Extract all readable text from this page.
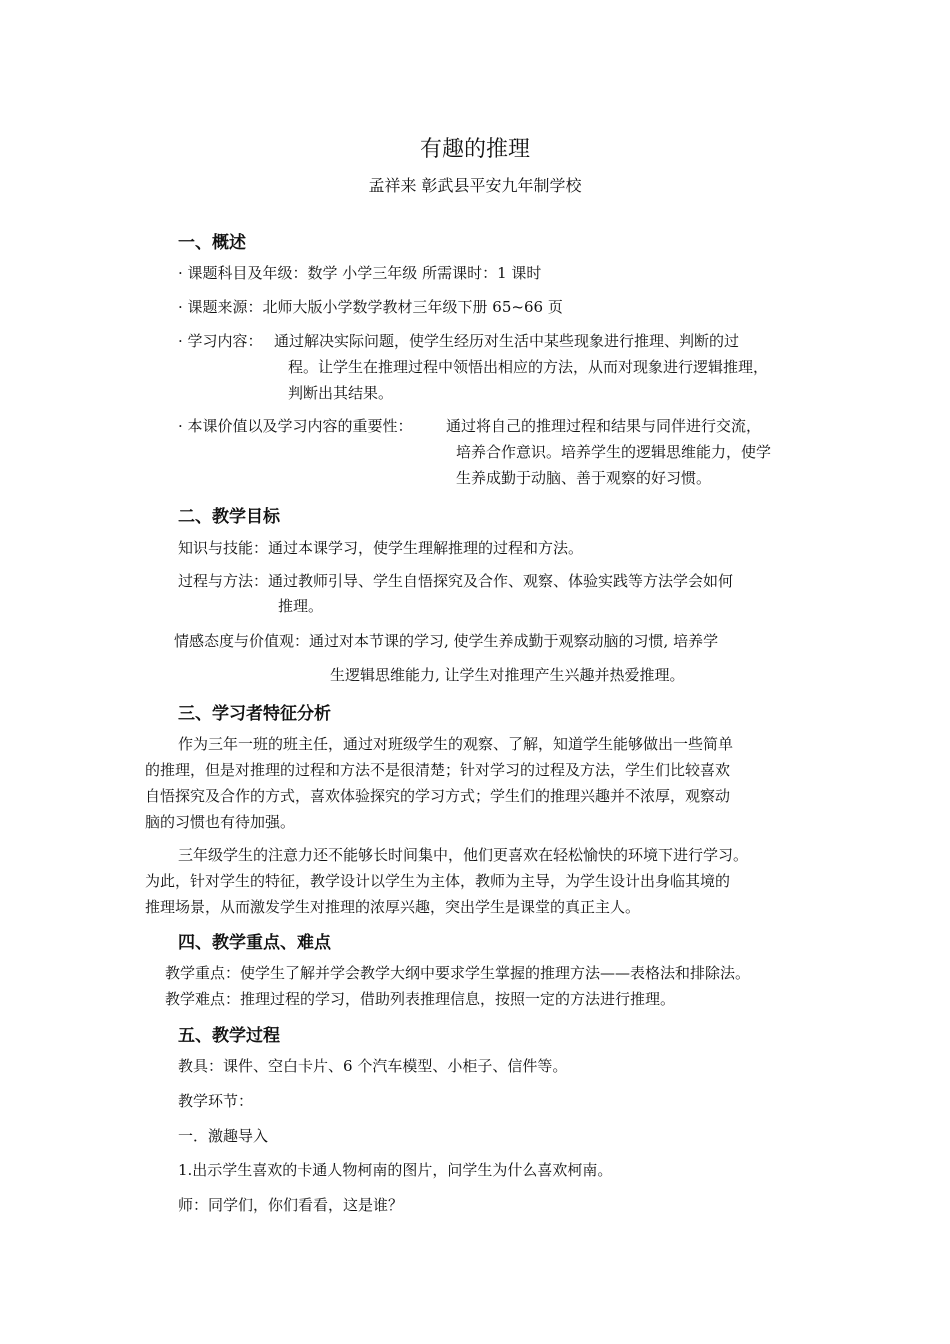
有趣的推理
孟祥来 彰武县平安九年制学校
一、概述
· 课题科目及年级：数学 小学三年级 所需课时：1 课时
· 课题来源：北师大版小学数学教材三年级下册 65~66 页
· 学习内容： 通过解决实际问题，使学生经历对生活中某些现象进行推理、判断的过
程。让学生在推理过程中领悟出相应的方法，从而对现象进行逻辑推理，
判断出其结果。
· 本课价值以及学习内容的重要性： 通过将自己的推理过程和结果与同伴进行交流，
培养合作意识。培养学生的逻辑思维能力，使学
生养成勤于动脑、善于观察的好习惯。
二、教学目标
知识与技能：通过本课学习，使学生理解推理的过程和方法。
过程与方法：通过教师引导、学生自悟探究及合作、观察、体验实践等方法学会如何
推理。
情感态度与价值观：通过对本节课的学习, 使学生养成勤于观察动脑的习惯, 培养学
生逻辑思维能力, 让学生对推理产生兴趣并热爱推理。
三、学习者特征分析
作为三年一班的班主任，通过对班级学生的观察、了解，知道学生能够做出一些简单
的推理，但是对推理的过程和方法不是很清楚；针对学习的过程及方法，学生们比较喜欢
自悟探究及合作的方式，喜欢体验探究的学习方式；学生们的推理兴趣并不浓厚，观察动
脑的习惯也有待加强。
三年级学生的注意力还不能够长时间集中，他们更喜欢在轻松愉快的环境下进行学习。
为此，针对学生的特征，教学设计以学生为主体，教师为主导，为学生设计出身临其境的
推理场景，从而激发学生对推理的浓厚兴趣，突出学生是课堂的真正主人。
四、教学重点、难点
教学重点：使学生了解并学会教学大纲中要求学生掌握的推理方法——表格法和排除法。
教学难点：推理过程的学习，借助列表推理信息，按照一定的方法进行推理。
五、教学过程
教具：课件、空白卡片、6 个汽车模型、小柜子、信件等。
教学环节：
一．激趣导入
1.出示学生喜欢的卡通人物柯南的图片，问学生为什么喜欢柯南。
师：同学们，你们看看，这是谁？
